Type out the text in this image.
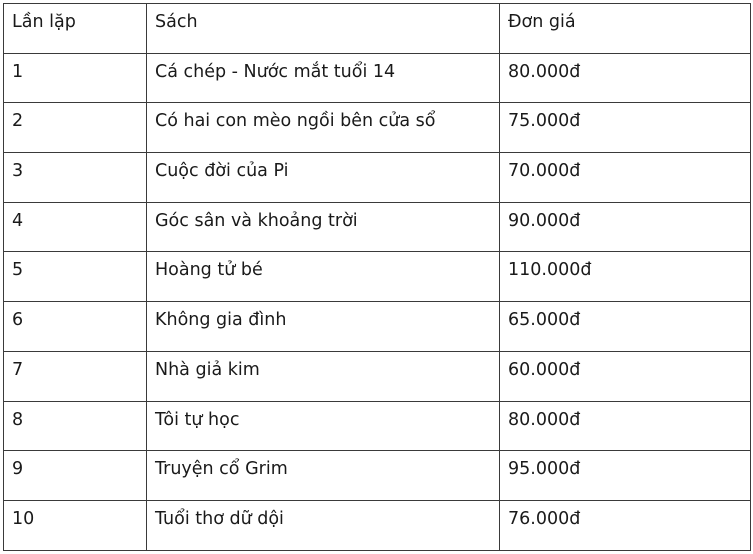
Lần lặp	Sách	Đơn giá

1	Cá chép - Nước mắt tuổi 14	80.000đ

2	Có hai con mèo ngồi bên cửa sổ	75.000đ

3	Cuộc đời của Pi	70.000đ

4	Góc sân và khoảng trời	90.000đ

5	Hoàng tử bé	110.000đ

6	Không gia đình	65.000đ

7	Nhà giả kim	60.000đ

8	Tôi tự học	80.000đ

9	Truyện cổ Grim	95.000đ

10	Tuổi thơ dữ dội	76.000đ
